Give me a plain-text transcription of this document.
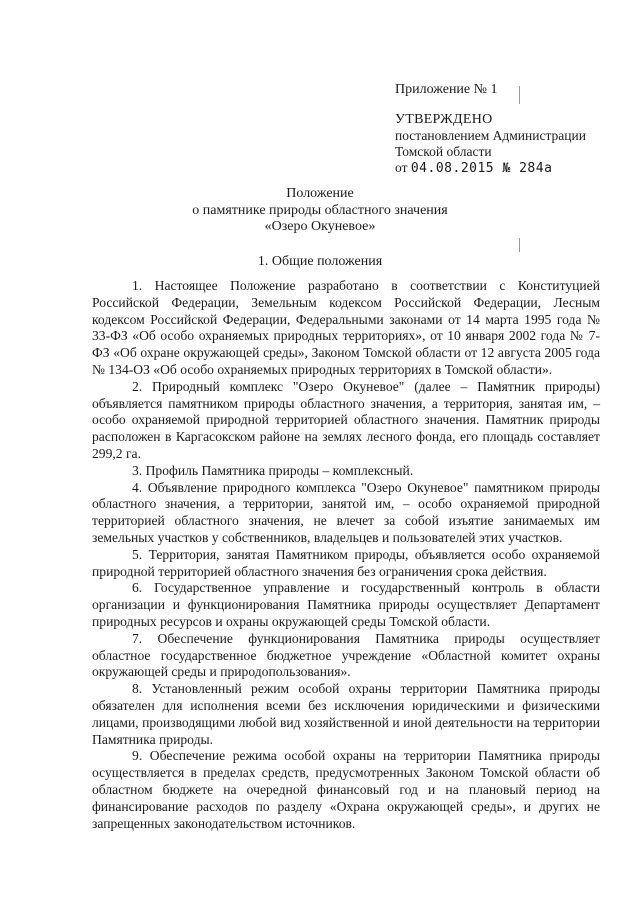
Приложение № 1
УТВЕРЖДЕНО
постановлением Администрации
Томской области
от 04.08.2015 № 284а
Положение
о памятнике природы областного значения
«Озеро Окуневое»
1. Общие положения

1. Настоящее Положение разработано в соответствии с Конституцией Российской Федерации, Земельным кодексом Российской Федерации, Лесным кодексом Российской Федерации, Федеральными законами от 14 марта 1995 года № 33-ФЗ «Об особо охраняемых природных территориях», от 10 января 2002 года № 7-ФЗ «Об охране окружающей среды», Законом Томской области от 12 августа 2005 года № 134-ОЗ «Об особо охраняемых природных территориях в Томской области».

2. Природный комплекс "Озеро Окуневое" (далее – Памятник природы) объявляется памятником природы областного значения, а территория, занятая им, – особо охраняемой природной территорией областного значения. Памятник природы расположен в Каргасокском районе на землях лесного фонда, его площадь составляет 299,2 га.

3. Профиль Памятника природы – комплексный.

4. Объявление природного комплекса "Озеро Окуневое" памятником природы областного значения, а территории, занятой им, – особо охраняемой природной территорией областного значения, не влечет за собой изъятие занимаемых им земельных участков у собственников, владельцев и пользователей этих участков.

5. Территория, занятая Памятником природы, объявляется особо охраняемой природной территорией областного значения без ограничения срока действия.

6. Государственное управление и государственный контроль в области организации и функционирования Памятника природы осуществляет Департамент природных ресурсов и охраны окружающей среды Томской области.

7. Обеспечение функционирования Памятника природы осуществляет областное государственное бюджетное учреждение «Областной комитет охраны окружающей среды и природопользования».

8. Установленный режим особой охраны территории Памятника природы обязателен для исполнения всеми без исключения юридическими и физическими лицами, производящими любой вид хозяйственной и иной деятельности на территории Памятника природы.

9. Обеспечение режима особой охраны на территории Памятника природы осуществляется в пределах средств, предусмотренных Законом Томской области об областном бюджете на очередной финансовый год и на плановый период на финансирование расходов по разделу «Охрана окружающей среды», и других не запрещенных законодательством источников.
